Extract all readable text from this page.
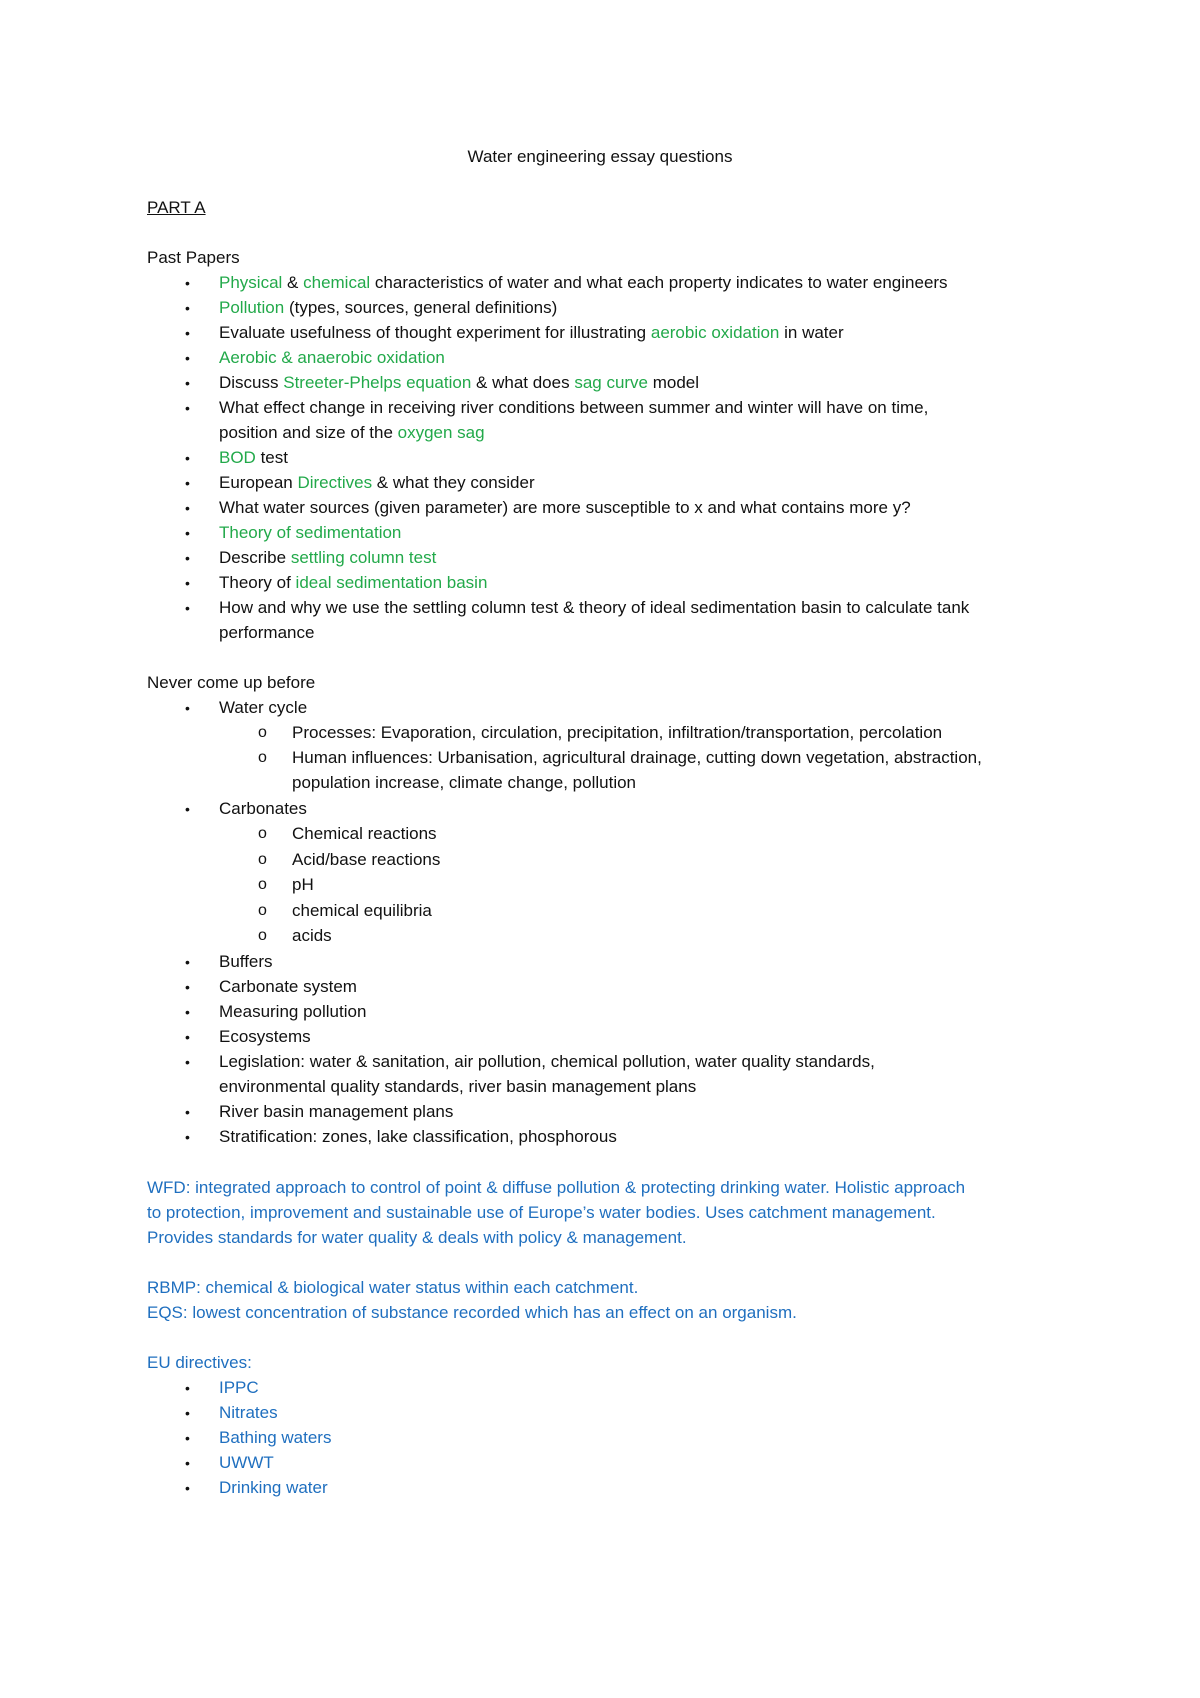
Water engineering essay questions
PART A
Past Papers
• Physical & chemical characteristics of water and what each property indicates to water engineers
• Pollution (types, sources, general definitions)
• Evaluate usefulness of thought experiment for illustrating aerobic oxidation in water
• Aerobic & anaerobic oxidation
• Discuss Streeter-Phelps equation & what does sag curve model
• What effect change in receiving river conditions between summer and winter will have on time,
position and size of the oxygen sag
• BOD test
• European Directives & what they consider
• What water sources (given parameter) are more susceptible to x and what contains more y?
• Theory of sedimentation
• Describe settling column test
• Theory of ideal sedimentation basin
• How and why we use the settling column test & theory of ideal sedimentation basin to calculate tank
performance
Never come up before
• Water cycle
o Processes: Evaporation, circulation, precipitation, infiltration/transportation, percolation
o Human influences: Urbanisation, agricultural drainage, cutting down vegetation, abstraction,
population increase, climate change, pollution
• Carbonates
o Chemical reactions
o Acid/base reactions
o pH
o chemical equilibria
o acids
• Buffers
• Carbonate system
• Measuring pollution
• Ecosystems
• Legislation: water & sanitation, air pollution, chemical pollution, water quality standards,
environmental quality standards, river basin management plans
• River basin management plans
• Stratification: zones, lake classification, phosphorous
WFD: integrated approach to control of point & diffuse pollution & protecting drinking water. Holistic approach
to protection, improvement and sustainable use of Europe’s water bodies. Uses catchment management.
Provides standards for water quality & deals with policy & management.
RBMP: chemical & biological water status within each catchment.
EQS: lowest concentration of substance recorded which has an effect on an organism.
EU directives:
• IPPC
• Nitrates
• Bathing waters
• UWWT
• Drinking water
